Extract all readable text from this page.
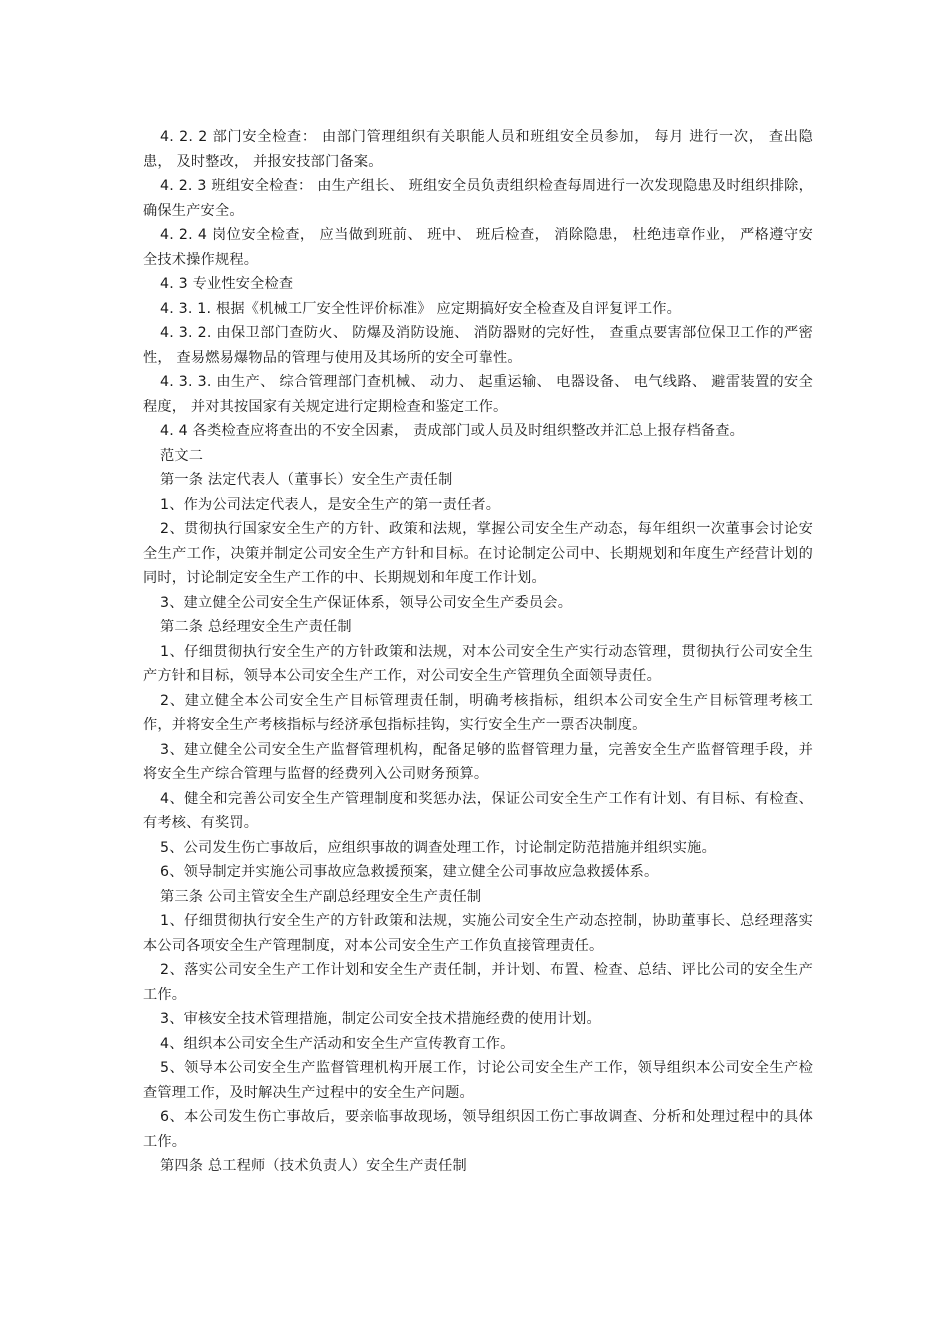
4. 2. 2 部门安全检查： 由部门管理组织有关职能人员和班组安全员参加， 每月 进行一次， 查出隐患， 及时整改， 并报安技部门备案。

4. 2. 3 班组安全检查： 由生产组长、 班组安全员负责组织检查每周进行一次发现隐患及时组织排除， 确保生产安全。

4. 2. 4 岗位安全检查， 应当做到班前、 班中、 班后检查， 消除隐患， 杜绝违章作业， 严格遵守安全技术操作规程。

4. 3 专业性安全检查

4. 3. 1. 根据《机械工厂安全性评价标准》 应定期搞好安全检查及自评复评工作。

4. 3. 2. 由保卫部门查防火、 防爆及消防设施、 消防器财的完好性， 查重点要害部位保卫工作的严密性， 查易燃易爆物品的管理与使用及其场所的安全可靠性。

4. 3. 3. 由生产、 综合管理部门查机械、 动力、 起重运输、 电器设备、 电气线路、 避雷装置的安全程度， 并对其按国家有关规定进行定期检查和鉴定工作。

4. 4 各类检查应将查出的不安全因素， 责成部门或人员及时组织整改并汇总上报存档备查。

范文二

第一条 法定代表人（董事长）安全生产责任制

1、作为公司法定代表人，是安全生产的第一责任者。

2、贯彻执行国家安全生产的方针、政策和法规，掌握公司安全生产动态，每年组织一次董事会讨论安全生产工作，决策并制定公司安全生产方针和目标。在讨论制定公司中、长期规划和年度生产经营计划的同时，讨论制定安全生产工作的中、长期规划和年度工作计划。

3、建立健全公司安全生产保证体系，领导公司安全生产委员会。

第二条 总经理安全生产责任制

1、仔细贯彻执行安全生产的方针政策和法规，对本公司安全生产实行动态管理，贯彻执行公司安全生产方针和目标，领导本公司安全生产工作，对公司安全生产管理负全面领导责任。

2、建立健全本公司安全生产目标管理责任制，明确考核指标，组织本公司安全生产目标管理考核工作，并将安全生产考核指标与经济承包指标挂钩，实行安全生产一票否决制度。

3、建立健全公司安全生产监督管理机构，配备足够的监督管理力量，完善安全生产监督管理手段，并将安全生产综合管理与监督的经费列入公司财务预算。

4、健全和完善公司安全生产管理制度和奖惩办法，保证公司安全生产工作有计划、有目标、有检查、有考核、有奖罚。

5、公司发生伤亡事故后，应组织事故的调查处理工作，讨论制定防范措施并组织实施。

6、领导制定并实施公司事故应急救援预案，建立健全公司事故应急救援体系。

第三条 公司主管安全生产副总经理安全生产责任制

1、仔细贯彻执行安全生产的方针政策和法规，实施公司安全生产动态控制，协助董事长、总经理落实本公司各项安全生产管理制度，对本公司安全生产工作负直接管理责任。

2、落实公司安全生产工作计划和安全生产责任制，并计划、布置、检查、总结、评比公司的安全生产工作。

3、审核安全技术管理措施，制定公司安全技术措施经费的使用计划。

4、组织本公司安全生产活动和安全生产宣传教育工作。

5、领导本公司安全生产监督管理机构开展工作，讨论公司安全生产工作，领导组织本公司安全生产检查管理工作，及时解决生产过程中的安全生产问题。

6、本公司发生伤亡事故后，要亲临事故现场，领导组织因工伤亡事故调查、分析和处理过程中的具体工作。

第四条 总工程师（技术负责人）安全生产责任制
